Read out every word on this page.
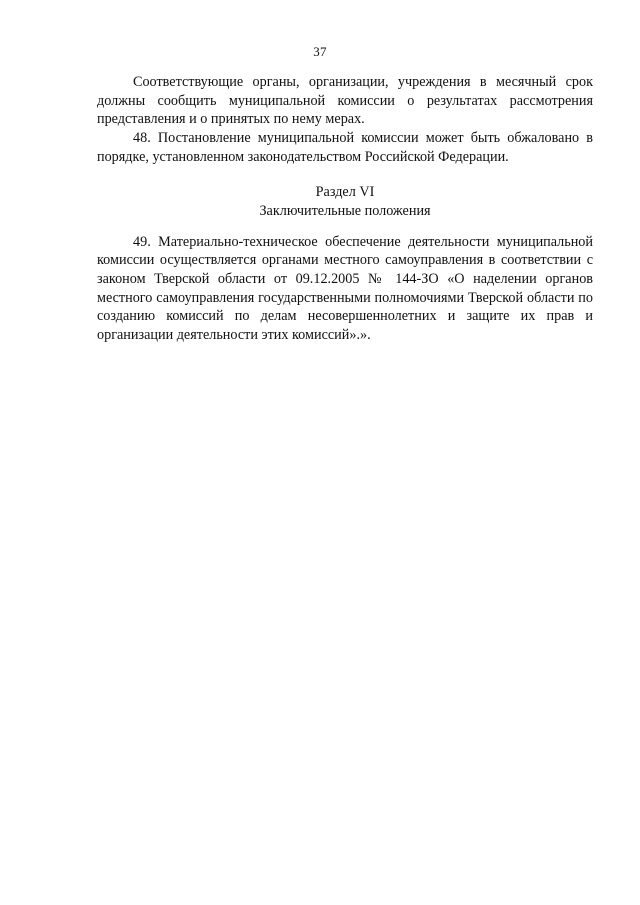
37

Соответствующие органы, организации, учреждения в месячный срок должны сообщить муниципальной комиссии о результатах рассмотрения представления и о принятых по нему мерах.

48. Постановление муниципальной комиссии может быть обжаловано в порядке, установленном законодательством Российской Федерации.

Раздел VI
Заключительные положения

49. Материально-техническое обеспечение деятельности муниципальной комиссии осуществляется органами местного самоуправления в соответствии с законом Тверской области от 09.12.2005 № 144-ЗО «О наделении органов местного самоуправления государственными полномочиями Тверской области по созданию комиссий по делам несовершеннолетних и защите их прав и организации деятельности этих комиссий».».
